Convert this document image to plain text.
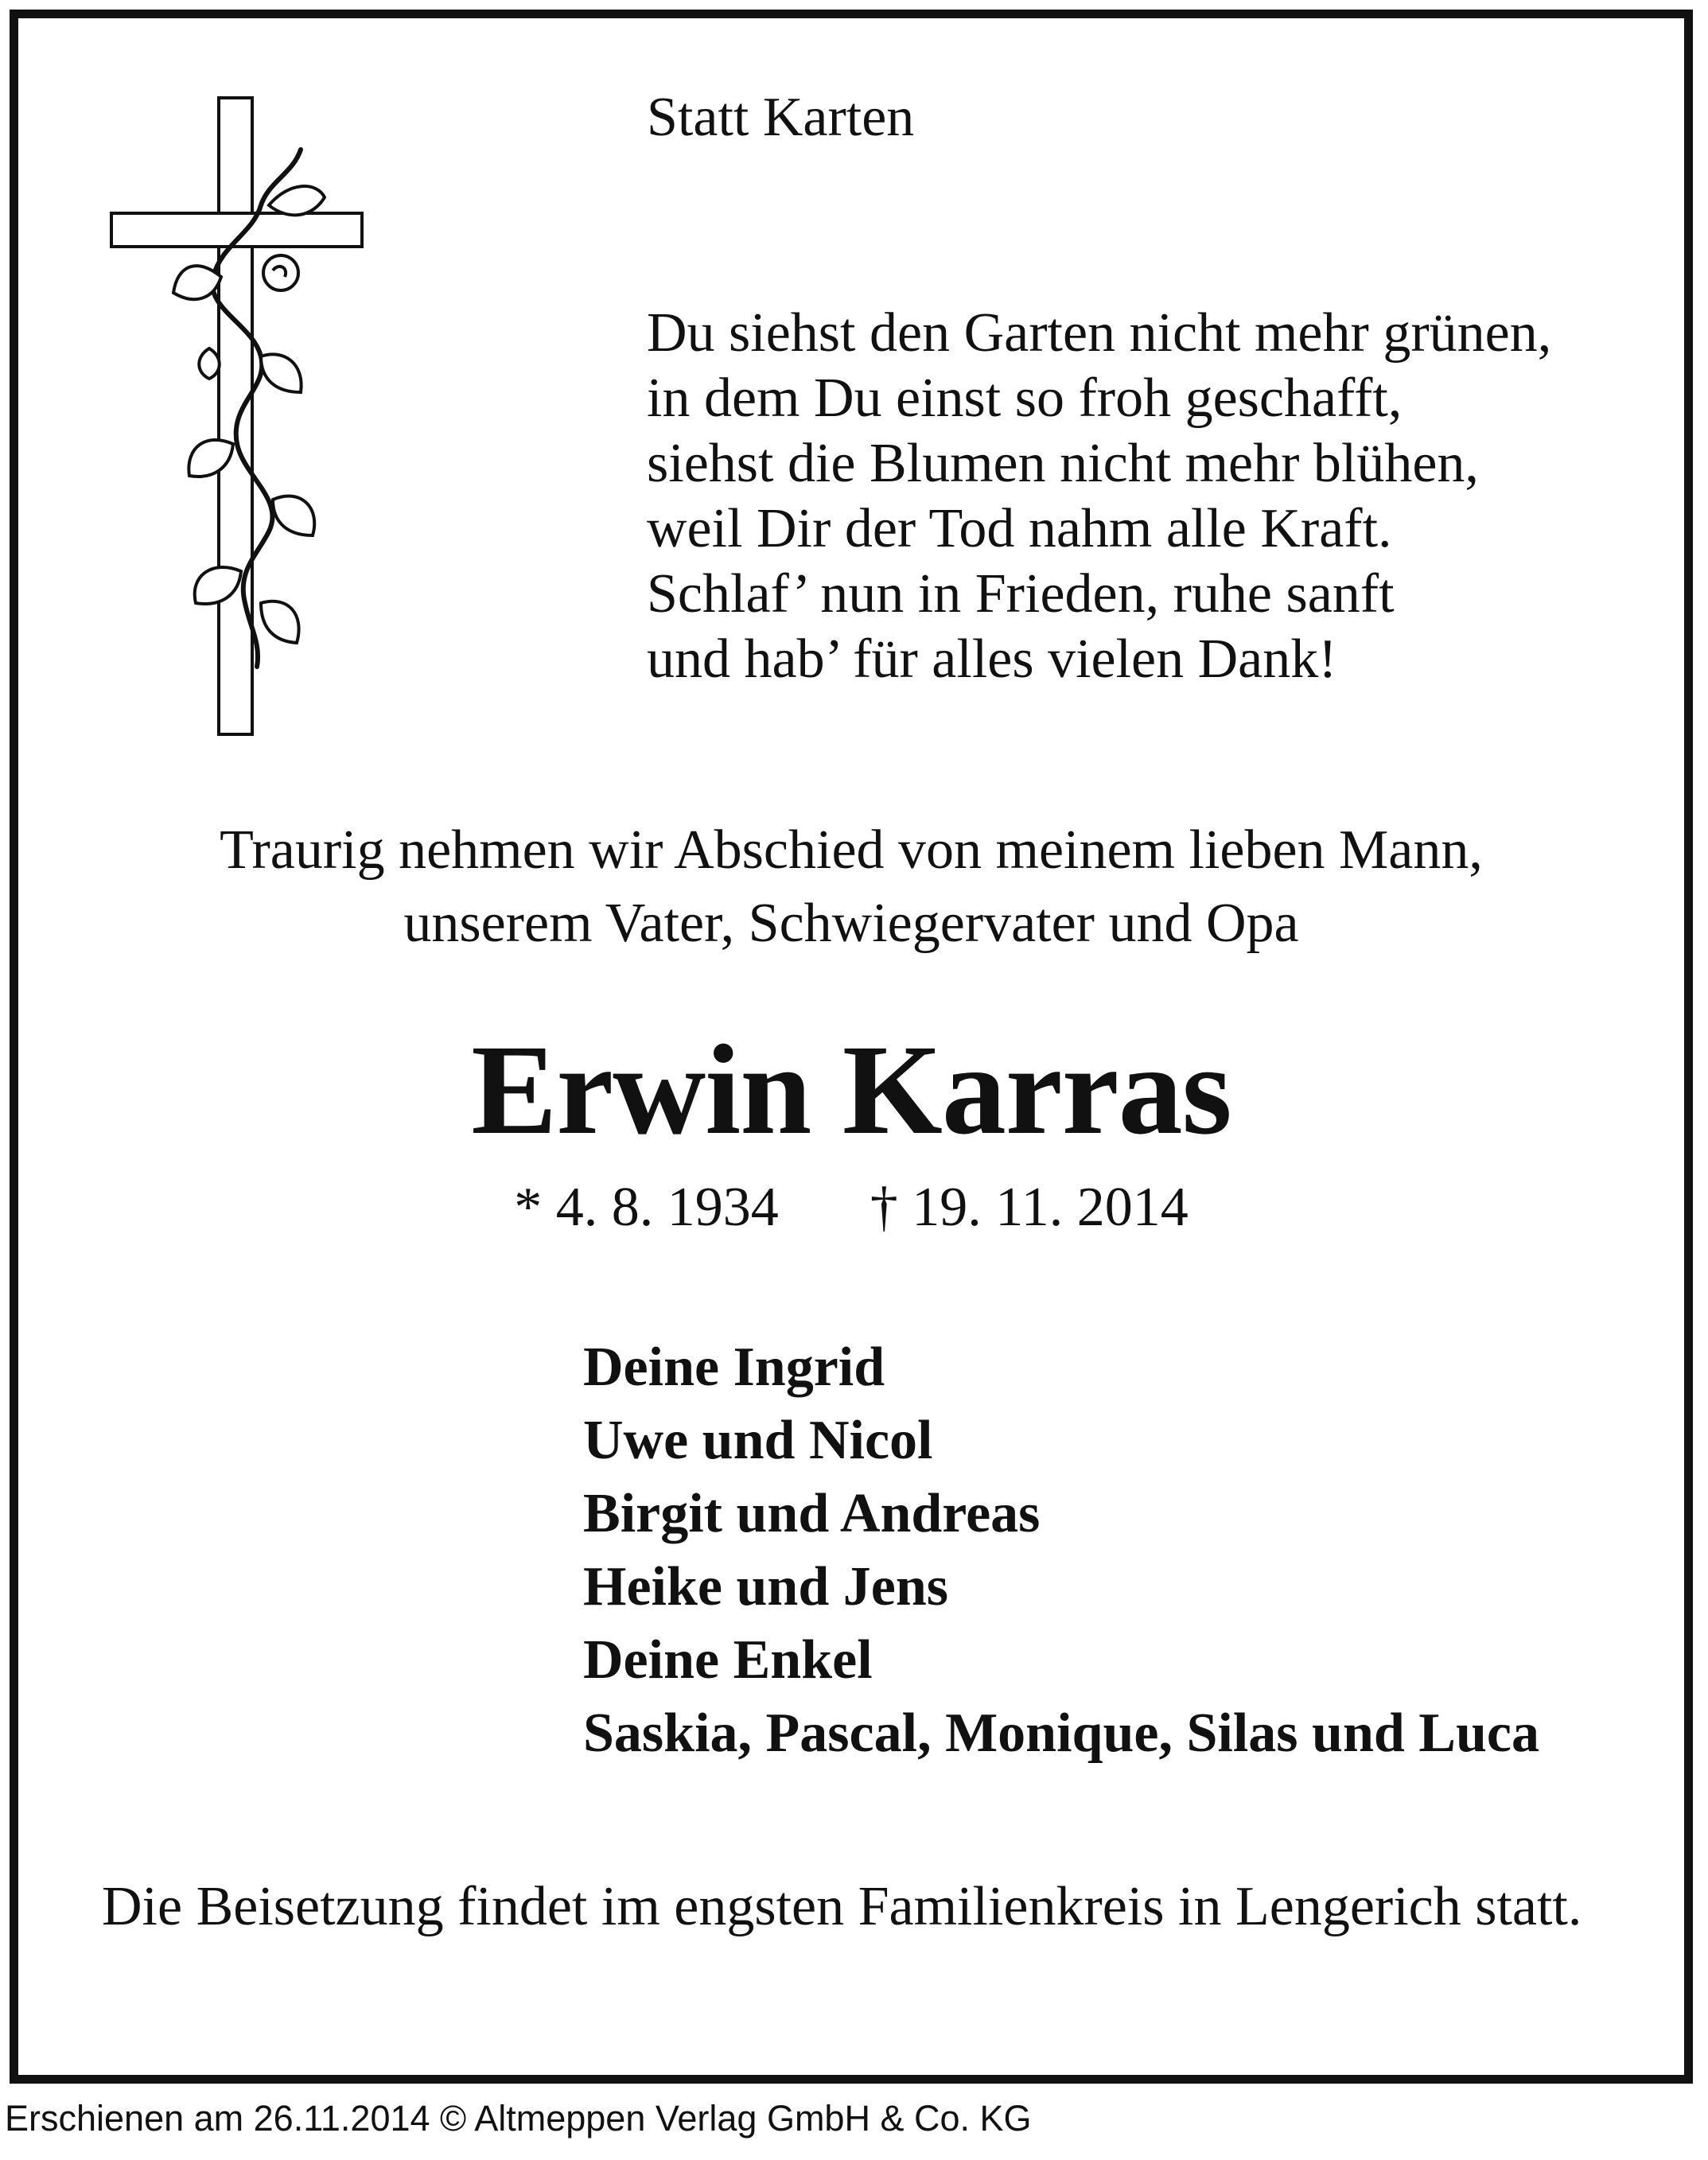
Statt Karten
Du siehst den Garten nicht mehr grünen,
in dem Du einst so froh geschafft,
siehst die Blumen nicht mehr blühen,
weil Dir der Tod nahm alle Kraft.
Schlaf’ nun in Frieden, ruhe sanft
und hab’ für alles vielen Dank!
Traurig nehmen wir Abschied von meinem lieben Mann,
unserem Vater, Schwiegervater und Opa
Erwin Karras
* 4. 8. 1934 † 19. 11. 2014
Deine Ingrid
Uwe und Nicol
Birgit und Andreas
Heike und Jens
Deine Enkel
Saskia, Pascal, Monique, Silas und Luca
Die Beisetzung findet im engsten Familienkreis in Lengerich statt.
Erschienen am 26.11.2014 © Altmeppen Verlag GmbH & Co. KG
